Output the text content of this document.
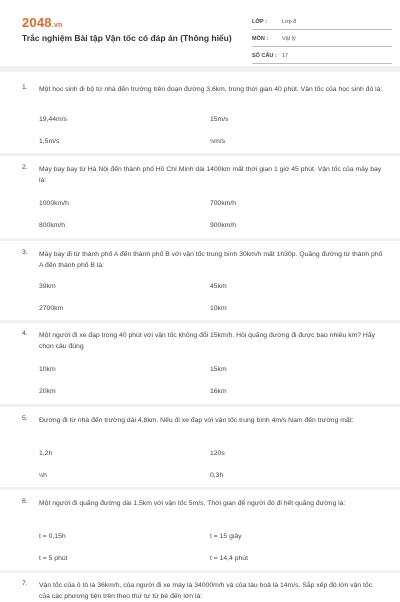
2048.vn
Trắc nghiệm Bài tập Vận tốc có đáp án (Thông hiểu)
LỚP :	Lớp 8
MÔN :	Vật lý
SỐ CÂU : 17
1. Một học sinh đi bộ từ nhà đến trường trên đoạn đường 3,6km, trong thời gian 40 phút. Vận tốc của học sinh đó là:
19,44m/s	15m/s
1,5m/s	⅔m/s
2. Máy bay bay từ Hà Nội đến thành phố Hồ Chí Minh dài 1400km mất thời gian 1 giờ 45 phút. Vận tốc của máy bay là:
1000km/h	700km/h
800km/h	900km/h
3. Máy bay đi từ thành phố A đến thành phố B với vận tốc trung bình 30km/h mất 1h30p. Quãng đường từ thành phố A đến thành phố B là:
39km	45km
2700km	10km
4. Một người đi xe đạp trong 40 phút với vận tốc không đổi 15km/h. Hỏi quãng đường đi được bao nhiêu km? Hãy chọn câu đúng
10km	15km
20km	16km
5. Đường đi từ nhà đến trường dài 4,8km. Nếu đi xe đạp với vận tốc trung bình 4m/s Nam đến trường mất:
1,2h	120s
⅓h	0,3h
6. Một người đi quãng đường dài 1,5km với vận tốc 5m/s. Thời gian để người đó đi hết quãng đường là:
t = 0,15h	t = 15 giây
t = 5 phút	t = 14,4 phút
7. Vận tốc của ô tô là 36km/h, của người đi xe máy là 34000m/h và của tàu hoả là 14m/s. Sắp xếp độ lớn vận tốc của các phương tiện trên theo thứ tự từ bé đến lớn là:
